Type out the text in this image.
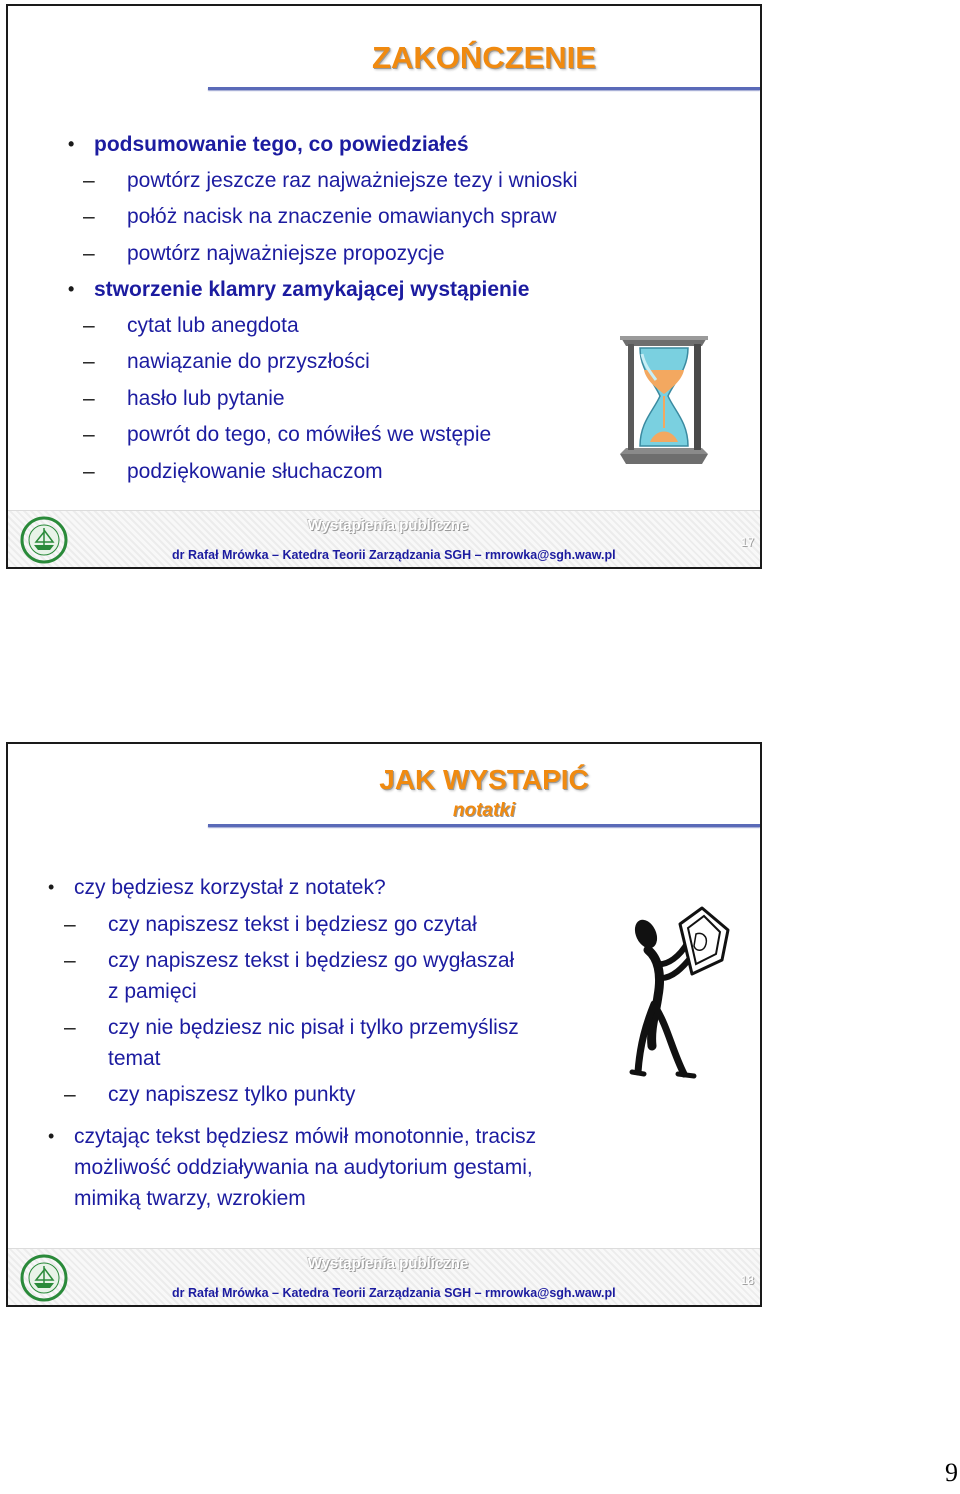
ZAKOŃCZENIE
• podsumowanie tego, co powiedziałeś
– powtórz jeszcze raz najważniejsze tezy i wnioski
– połóż nacisk na znaczenie omawianych spraw
– powtórz najważniejsze propozycje
• stworzenie klamry zamykającej wystąpienie
– cytat lub anegdota
– nawiązanie do przyszłości
– hasło lub pytanie
– powrót do tego, co mówiłeś we wstępie
– podziękowanie słuchaczom
Wystąpienia publiczne
dr Rafał Mrówka – Katedra Teorii Zarządzania SGH – rmrowka@sgh.waw.pl
17
JAK WYSTAPIĆ
notatki
• czy będziesz korzystał z notatek?
– czy napiszesz tekst i będziesz go czytał
– czy napiszesz tekst i będziesz go wygłaszał
z pamięci
– czy nie będziesz nic pisał i tylko przemyślisz
temat
– czy napiszesz tylko punkty
• czytając tekst będziesz mówił monotonnie, tracisz
możliwość oddziaływania na audytorium gestami,
mimiką twarzy, wzrokiem
Wystąpienia publiczne
dr Rafał Mrówka – Katedra Teorii Zarządzania SGH – rmrowka@sgh.waw.pl
18
9
